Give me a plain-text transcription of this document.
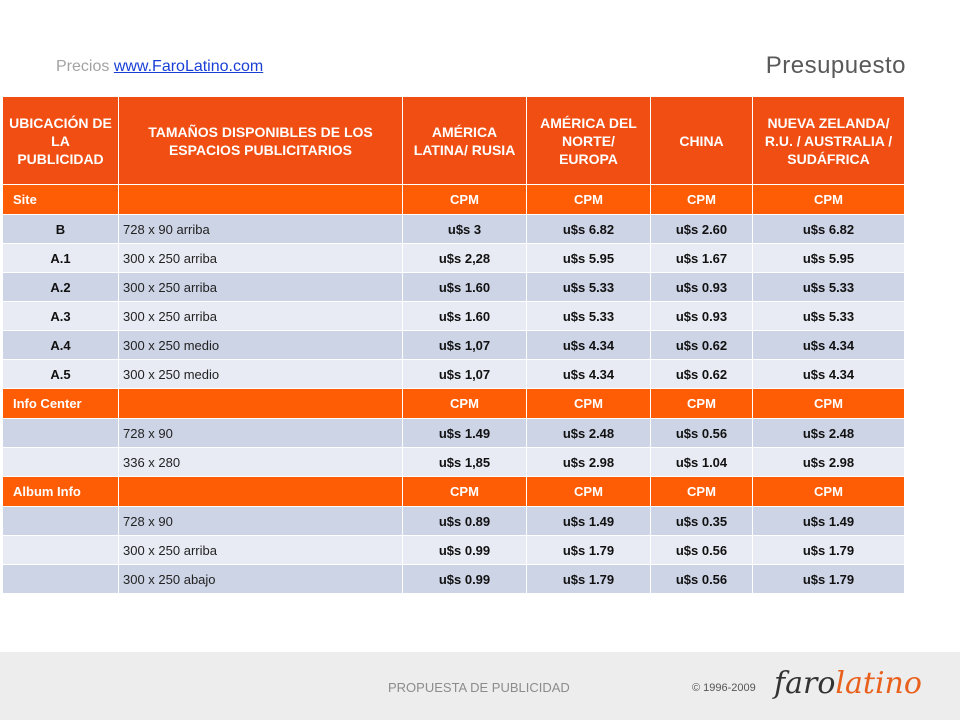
Precios www.FaroLatino.com	Presupuesto
UBICACIÓN DE LA PUBLICIDAD	TAMAÑOS DISPONIBLES DE LOS ESPACIOS PUBLICITARIOS	AMÉRICA LATINA/ RUSIA	AMÉRICA DEL NORTE/ EUROPA	CHINA	NUEVA ZELANDA/ R.U. / AUSTRALIA / SUDÁFRICA
Site		CPM	CPM	CPM	CPM
B	728 x 90 arriba	u$s 3	u$s 6.82	u$s 2.60	u$s 6.82
A.1	300 x 250 arriba	u$s 2,28	u$s 5.95	u$s 1.67	u$s 5.95
A.2	300 x 250 arriba	u$s 1.60	u$s 5.33	u$s 0.93	u$s 5.33
A.3	300 x 250 arriba	u$s 1.60	u$s 5.33	u$s 0.93	u$s 5.33
A.4	300 x 250 medio	u$s 1,07	u$s 4.34	u$s 0.62	u$s 4.34
A.5	300 x 250 medio	u$s 1,07	u$s 4.34	u$s 0.62	u$s 4.34
Info Center		CPM	CPM	CPM	CPM
	728 x 90	u$s 1.49	u$s 2.48	u$s 0.56	u$s 2.48
	336 x 280	u$s 1,85	u$s 2.98	u$s 1.04	u$s 2.98
Album Info		CPM	CPM	CPM	CPM
	728 x 90	u$s 0.89	u$s 1.49	u$s 0.35	u$s 1.49
	300 x 250 arriba	u$s 0.99	u$s 1.79	u$s 0.56	u$s 1.79
	300 x 250 abajo	u$s 0.99	u$s 1.79	u$s 0.56	u$s 1.79
PROPUESTA DE PUBLICIDAD	© 1996-2009 farolatino
